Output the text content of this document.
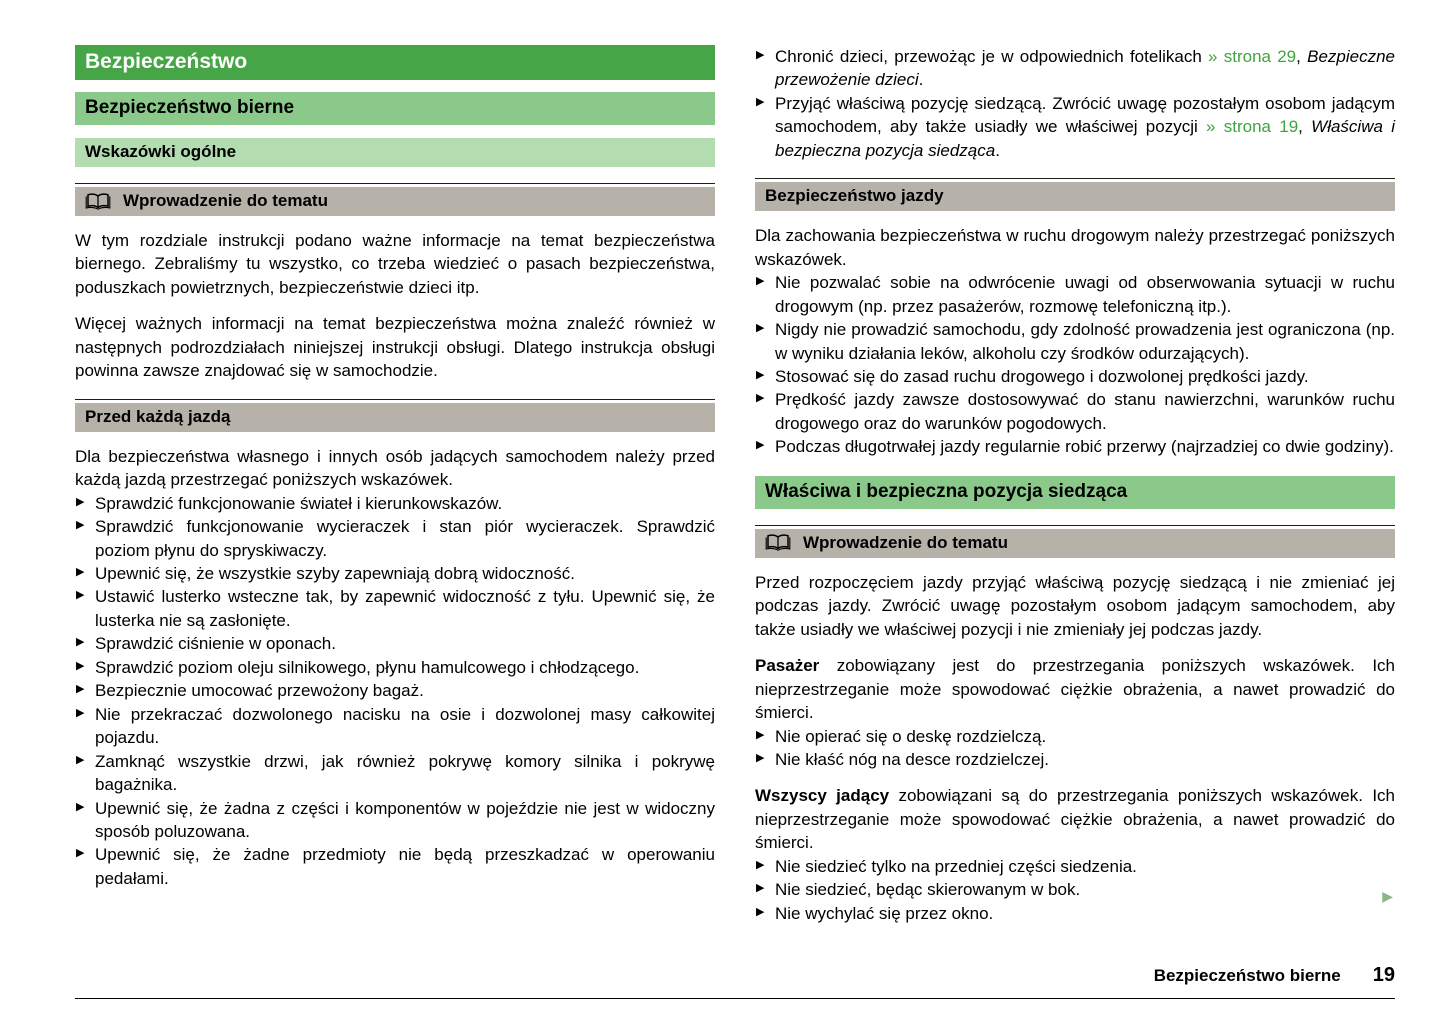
Bezpieczeństwo
Bezpieczeństwo bierne
Wskazówki ogólne
Wprowadzenie do tematu

W tym rozdziale instrukcji podano ważne informacje na temat bezpieczeństwa biernego. Zebraliśmy tu wszystko, co trzeba wiedzieć o pasach bezpieczeństwa, poduszkach powietrznych, bezpieczeństwie dzieci itp.

Więcej ważnych informacji na temat bezpieczeństwa można znaleźć również w następnych podrozdziałach niniejszej instrukcji obsługi. Dlatego instrukcja obsługi powinna zawsze znajdować się w samochodzie.

Przed każdą jazdą

Dla bezpieczeństwa własnego i innych osób jadących samochodem należy przed każdą jazdą przestrzegać poniższych wskazówek.

▶ Sprawdzić funkcjonowanie świateł i kierunkowskazów.
▶ Sprawdzić funkcjonowanie wycieraczek i stan piór wycieraczek. Sprawdzić poziom płynu do spryskiwaczy.
▶ Upewnić się, że wszystkie szyby zapewniają dobrą widoczność.
▶ Ustawić lusterko wsteczne tak, by zapewnić widoczność z tyłu. Upewnić się, że lusterka nie są zasłonięte.
▶ Sprawdzić ciśnienie w oponach.
▶ Sprawdzić poziom oleju silnikowego, płynu hamulcowego i chłodzącego.
▶ Bezpiecznie umocować przewożony bagaż.
▶ Nie przekraczać dozwolonego nacisku na osie i dozwolonej masy całkowitej pojazdu.
▶ Zamknąć wszystkie drzwi, jak również pokrywę komory silnika i pokrywę bagażnika.
▶ Upewnić się, że żadna z części i komponentów w pojeździe nie jest w widoczny sposób poluzowana.
▶ Upewnić się, że żadne przedmioty nie będą przeszkadzać w operowaniu pedałami.
▶ Chronić dzieci, przewożąc je w odpowiednich fotelikach » strona 29, Bezpieczne przewożenie dzieci.
▶ Przyjąć właściwą pozycję siedzącą. Zwrócić uwagę pozostałym osobom jadącym samochodem, aby także usiadły we właściwej pozycji » strona 19, Właściwa i bezpieczna pozycja siedząca.
Bezpieczeństwo jazdy

Dla zachowania bezpieczeństwa w ruchu drogowym należy przestrzegać poniższych wskazówek.

▶ Nie pozwalać sobie na odwrócenie uwagi od obserwowania sytuacji w ruchu drogowym (np. przez pasażerów, rozmowę telefoniczną itp.).
▶ Nigdy nie prowadzić samochodu, gdy zdolność prowadzenia jest ograniczona (np. w wyniku działania leków, alkoholu czy środków odurzających).
▶ Stosować się do zasad ruchu drogowego i dozwolonej prędkości jazdy.
▶ Prędkość jazdy zawsze dostosowywać do stanu nawierzchni, warunków ruchu drogowego oraz do warunków pogodowych.
▶ Podczas długotrwałej jazdy regularnie robić przerwy (najrzadziej co dwie godziny).
Właściwa i bezpieczna pozycja siedząca
Wprowadzenie do tematu

Przed rozpoczęciem jazdy przyjąć właściwą pozycję siedzącą i nie zmieniać jej podczas jazdy. Zwrócić uwagę pozostałym osobom jadącym samochodem, aby także usiadły we właściwej pozycji i nie zmieniały jej podczas jazdy.

Pasażer zobowiązany jest do przestrzegania poniższych wskazówek. Ich nieprzestrzeganie może spowodować ciężkie obrażenia, a nawet prowadzić do śmierci.

▶ Nie opierać się o deskę rozdzielczą.
▶ Nie kłaść nóg na desce rozdzielczej.

Wszyscy jadący zobowiązani są do przestrzegania poniższych wskazówek. Ich nieprzestrzeganie może spowodować ciężkie obrażenia, a nawet prowadzić do śmierci.

▶ Nie siedzieć tylko na przedniej części siedzenia.
▶ Nie siedzieć, będąc skierowanym w bok.
▶ Nie wychylać się przez okno.
▶
Bezpieczeństwo bierne 19
